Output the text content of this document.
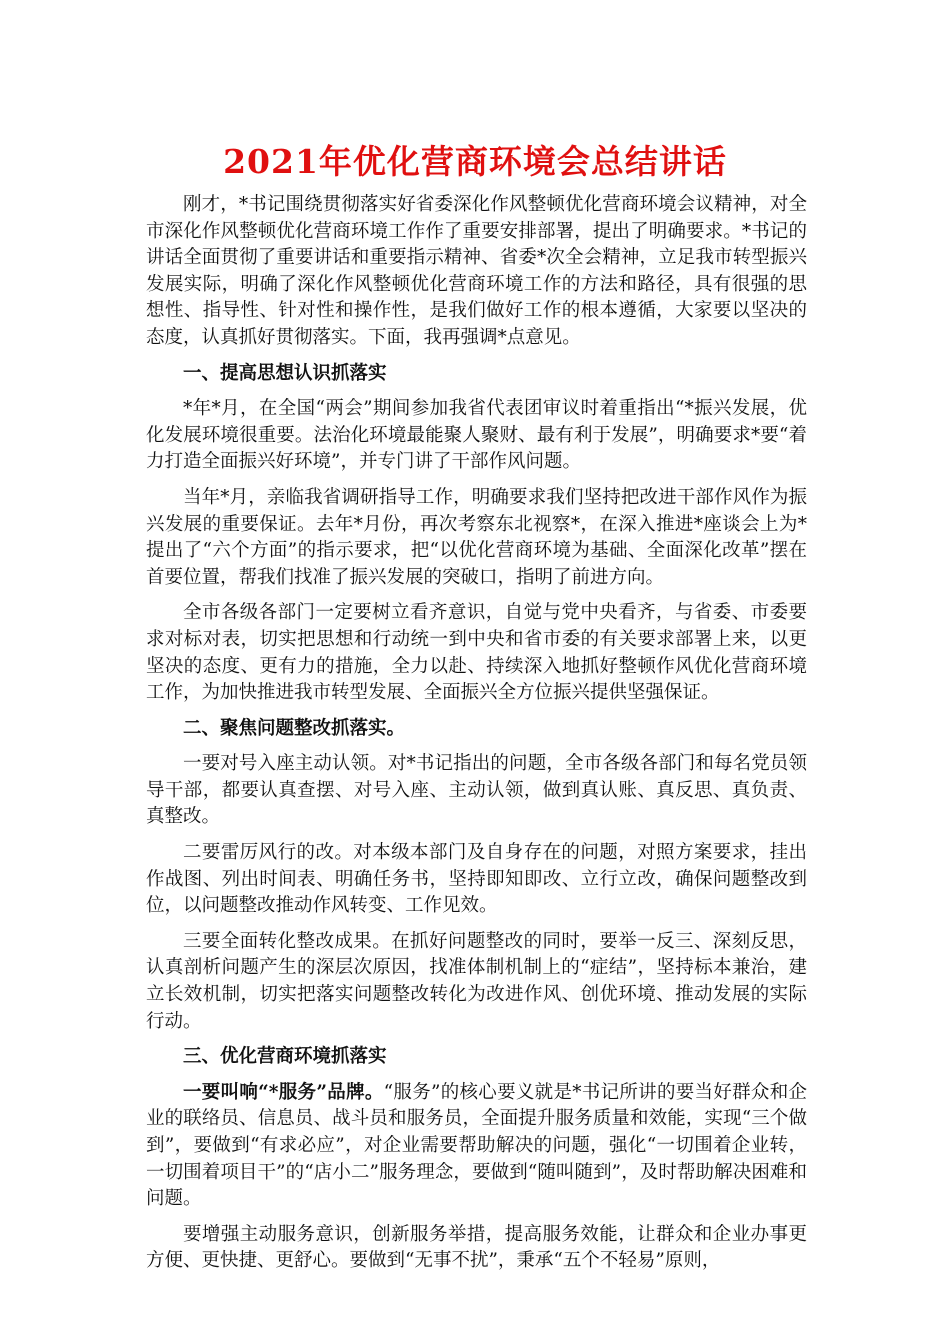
2021年优化营商环境会总结讲话

刚才，*书记围绕贯彻落实好省委深化作风整顿优化营商环境会议精神，对全市深化作风整顿优化营商环境工作作了重要安排部署，提出了明确要求。*书记的讲话全面贯彻了重要讲话和重要指示精神、省委*次全会精神，立足我市转型振兴发展实际，明确了深化作风整顿优化营商环境工作的方法和路径，具有很强的思想性、指导性、针对性和操作性，是我们做好工作的根本遵循，大家要以坚决的态度，认真抓好贯彻落实。下面，我再强调*点意见。

一、提高思想认识抓落实

*年*月，在全国“两会”期间参加我省代表团审议时着重指出“*振兴发展，优化发展环境很重要。法治化环境最能聚人聚财、最有利于发展”，明确要求*要“着力打造全面振兴好环境”，并专门讲了干部作风问题。

当年*月，亲临我省调研指导工作，明确要求我们坚持把改进干部作风作为振兴发展的重要保证。去年*月份，再次考察东北视察*，在深入推进*座谈会上为*提出了“六个方面”的指示要求，把“以优化营商环境为基础、全面深化改革”摆在首要位置，帮我们找准了振兴发展的突破口，指明了前进方向。

全市各级各部门一定要树立看齐意识，自觉与党中央看齐，与省委、市委要求对标对表，切实把思想和行动统一到中央和省市委的有关要求部署上来，以更坚决的态度、更有力的措施，全力以赴、持续深入地抓好整顿作风优化营商环境工作，为加快推进我市转型发展、全面振兴全方位振兴提供坚强保证。

二、聚焦问题整改抓落实。

一要对号入座主动认领。对*书记指出的问题，全市各级各部门和每名党员领导干部，都要认真查摆、对号入座、主动认领，做到真认账、真反思、真负责、真整改。

二要雷厉风行的改。对本级本部门及自身存在的问题，对照方案要求，挂出作战图、列出时间表、明确任务书，坚持即知即改、立行立改，确保问题整改到位，以问题整改推动作风转变、工作见效。

三要全面转化整改成果。在抓好问题整改的同时，要举一反三、深刻反思，认真剖析问题产生的深层次原因，找准体制机制上的“症结”，坚持标本兼治，建立长效机制，切实把落实问题整改转化为改进作风、创优环境、推动发展的实际行动。

三、优化营商环境抓落实

一要叫响“*服务”品牌。“服务”的核心要义就是*书记所讲的要当好群众和企业的联络员、信息员、战斗员和服务员，全面提升服务质量和效能，实现“三个做到”，要做到“有求必应”，对企业需要帮助解决的问题，强化“一切围着企业转，一切围着项目干”的“店小二”服务理念，要做到“随叫随到”，及时帮助解决困难和问题。

要增强主动服务意识，创新服务举措，提高服务效能，让群众和企业办事更方便、更快捷、更舒心。要做到“无事不扰”，秉承“五个不轻易”原则，
